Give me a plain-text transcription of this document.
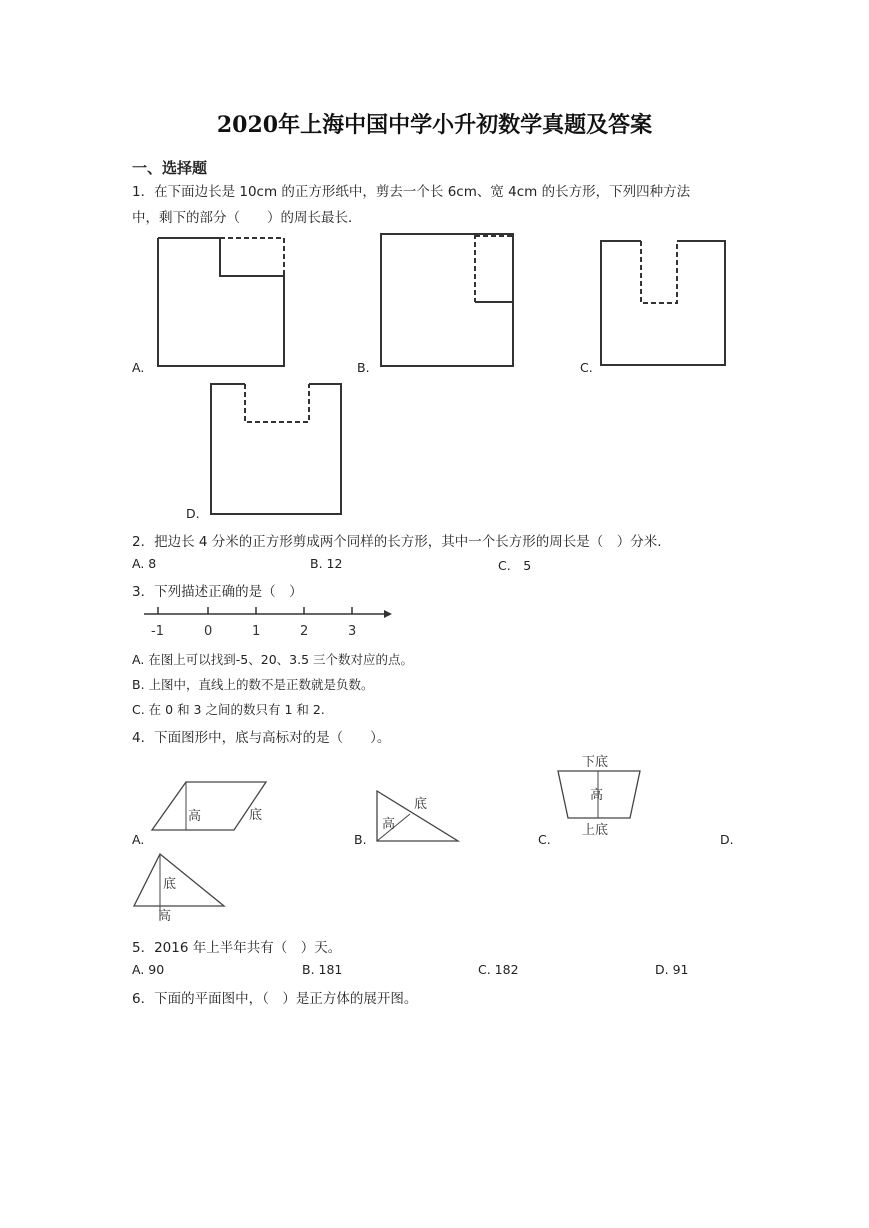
2020年上海中国中学小升初数学真题及答案
一、选择题
1．在下面边长是 10cm 的正方形纸中，剪去一个长 6cm、宽 4cm 的长方形，下列四种方法
中，剩下的部分（　　）的周长最长．
A.	B.	C.
D.
2．把边长 4 分米的正方形剪成两个同样的长方形，其中一个长方形的周长是（　）分米.
A. 8	B. 12	C.　5
3．下列描述正确的是（　）
-1	0	1	2	3
A. 在图上可以找到-5、20、3.5 三个数对应的点。
B. 上图中，直线上的数不是正数就是负数。
C. 在 0 和 3 之间的数只有 1 和 2.
4．下面图形中，底与高标对的是（　　）。
高	底
A.
底
高
B.
下底
高
上底
C.	D.
底
高
5．2016 年上半年共有（　）天。
A. 90	B. 181	C. 182	D. 91
6．下面的平面图中，（　）是正方体的展开图。
